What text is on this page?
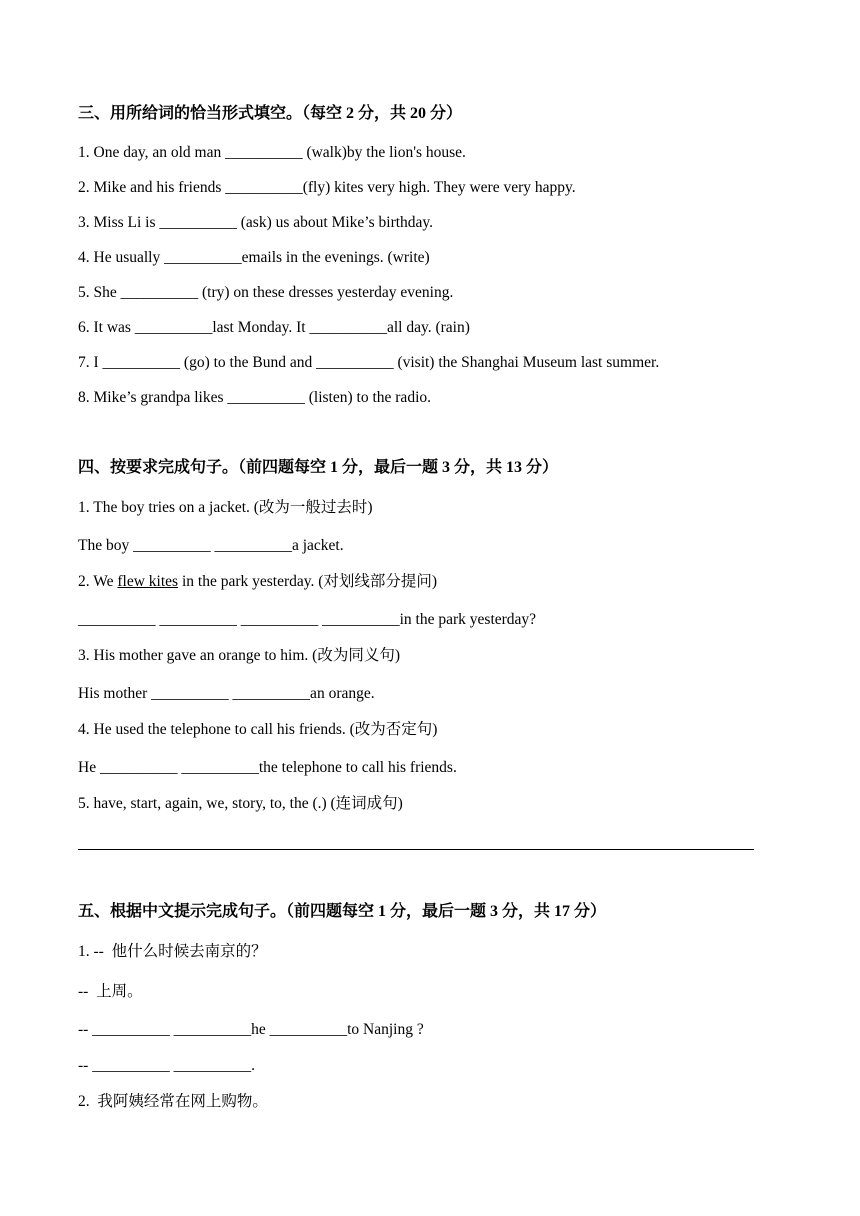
三、用所给词的恰当形式填空。（每空 2 分，共 20 分）
1. One day, an old man __________ (walk)by the lion's house.
2. Mike and his friends __________(fly) kites very high. They were very happy.
3. Miss Li is __________ (ask) us about Mike’s birthday.
4. He usually __________emails in the evenings. (write)
5. She __________ (try) on these dresses yesterday evening.
6. It was __________last Monday. It __________all day. (rain)
7. I __________ (go) to the Bund and __________ (visit) the Shanghai Museum last summer.
8. Mike’s grandpa likes __________ (listen) to the radio.
四、按要求完成句子。（前四题每空 1 分，最后一题 3 分，共 13 分）
1. The boy tries on a jacket. (改为一般过去时)
The boy __________ __________a jacket.
2. We flew kites in the park yesterday. (对划线部分提问)
__________ __________ __________ __________in the park yesterday?
3. His mother gave an orange to him. (改为同义句)
His mother __________ __________an orange.
4. He used the telephone to call his friends. (改为否定句)
He __________ __________the telephone to call his friends.
5. have, start, again, we, story, to, the (.) (连词成句)
五、根据中文提示完成句子。（前四题每空 1 分，最后一题 3 分，共 17 分）
1. --  他什么时候去南京的？
--  上周。
-- __________ __________he __________to Nanjing ?
-- __________ __________.
2.  我阿姨经常在网上购物。
